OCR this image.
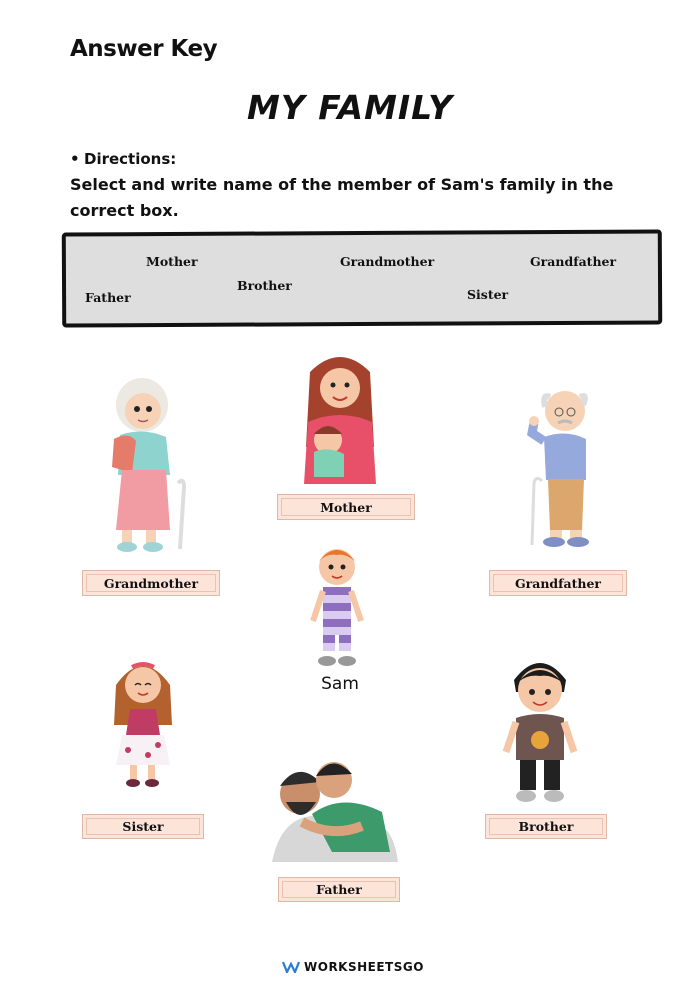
Answer Key
MY FAMILY
• Directions:
Select and write name of the member of Sam's family in the correct box.
Mother	Grandmother	Grandfather
Father
Brother
Sister
Mother
Grandmother	Grandfather
Sam
Sister	Brother
Father
WORKSHEETSGO
